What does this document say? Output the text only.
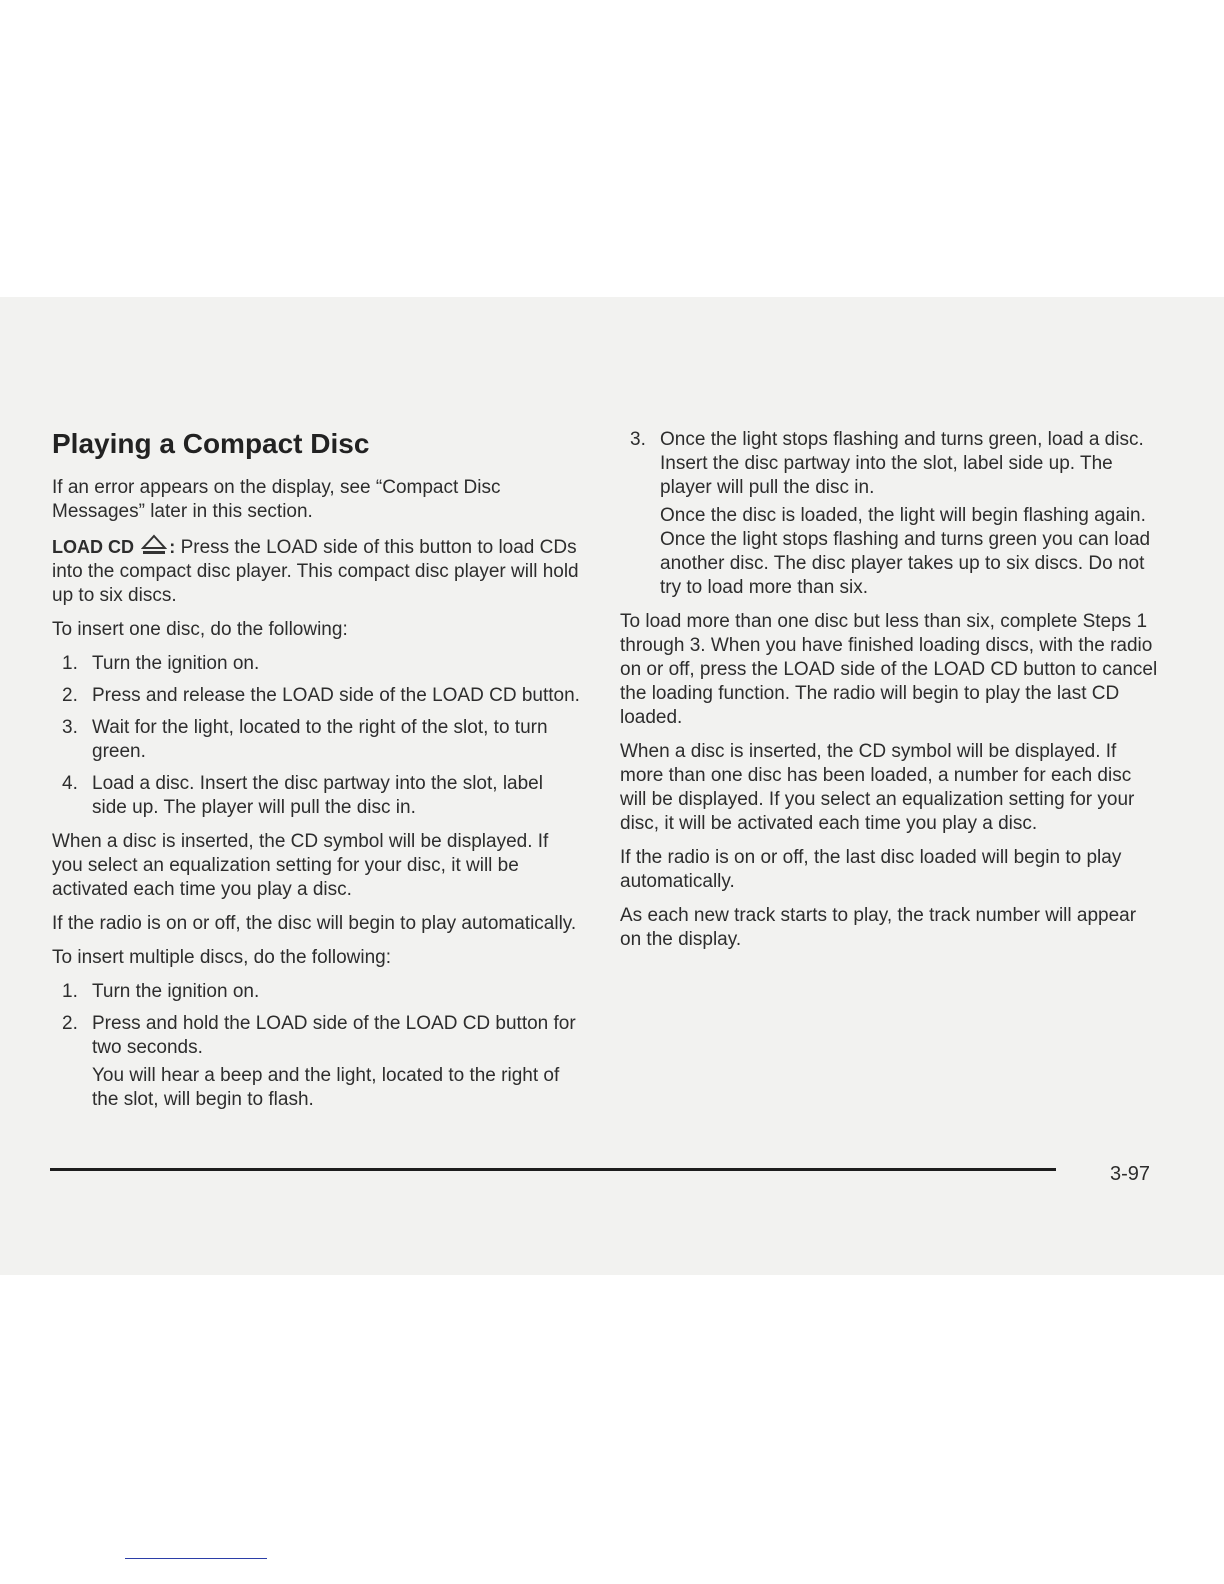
Playing a Compact Disc

If an error appears on the display, see “Compact Disc Messages” later in this section.

LOAD CD : Press the LOAD side of this button to load CDs into the compact disc player. This compact disc player will hold up to six discs.

To insert one disc, do the following:

1. Turn the ignition on.
2. Press and release the LOAD side of the LOAD CD button.
3. Wait for the light, located to the right of the slot, to turn green.
4. Load a disc. Insert the disc partway into the slot, label side up. The player will pull the disc in.

When a disc is inserted, the CD symbol will be displayed. If you select an equalization setting for your disc, it will be activated each time you play a disc.

If the radio is on or off, the disc will begin to play automatically.

To insert multiple discs, do the following:

1. Turn the ignition on.
2. Press and hold the LOAD side of the LOAD CD button for two seconds.
You will hear a beep and the light, located to the right of the slot, will begin to flash.
3. Once the light stops flashing and turns green, load a disc. Insert the disc partway into the slot, label side up. The player will pull the disc in.
Once the disc is loaded, the light will begin flashing again. Once the light stops flashing and turns green you can load another disc. The disc player takes up to six discs. Do not try to load more than six.

To load more than one disc but less than six, complete Steps 1 through 3. When you have finished loading discs, with the radio on or off, press the LOAD side of the LOAD CD button to cancel the loading function. The radio will begin to play the last CD loaded.

When a disc is inserted, the CD symbol will be displayed. If more than one disc has been loaded, a number for each disc will be displayed. If you select an equalization setting for your disc, it will be activated each time you play a disc.

If the radio is on or off, the last disc loaded will begin to play automatically.

As each new track starts to play, the track number will appear on the display.

3-97
